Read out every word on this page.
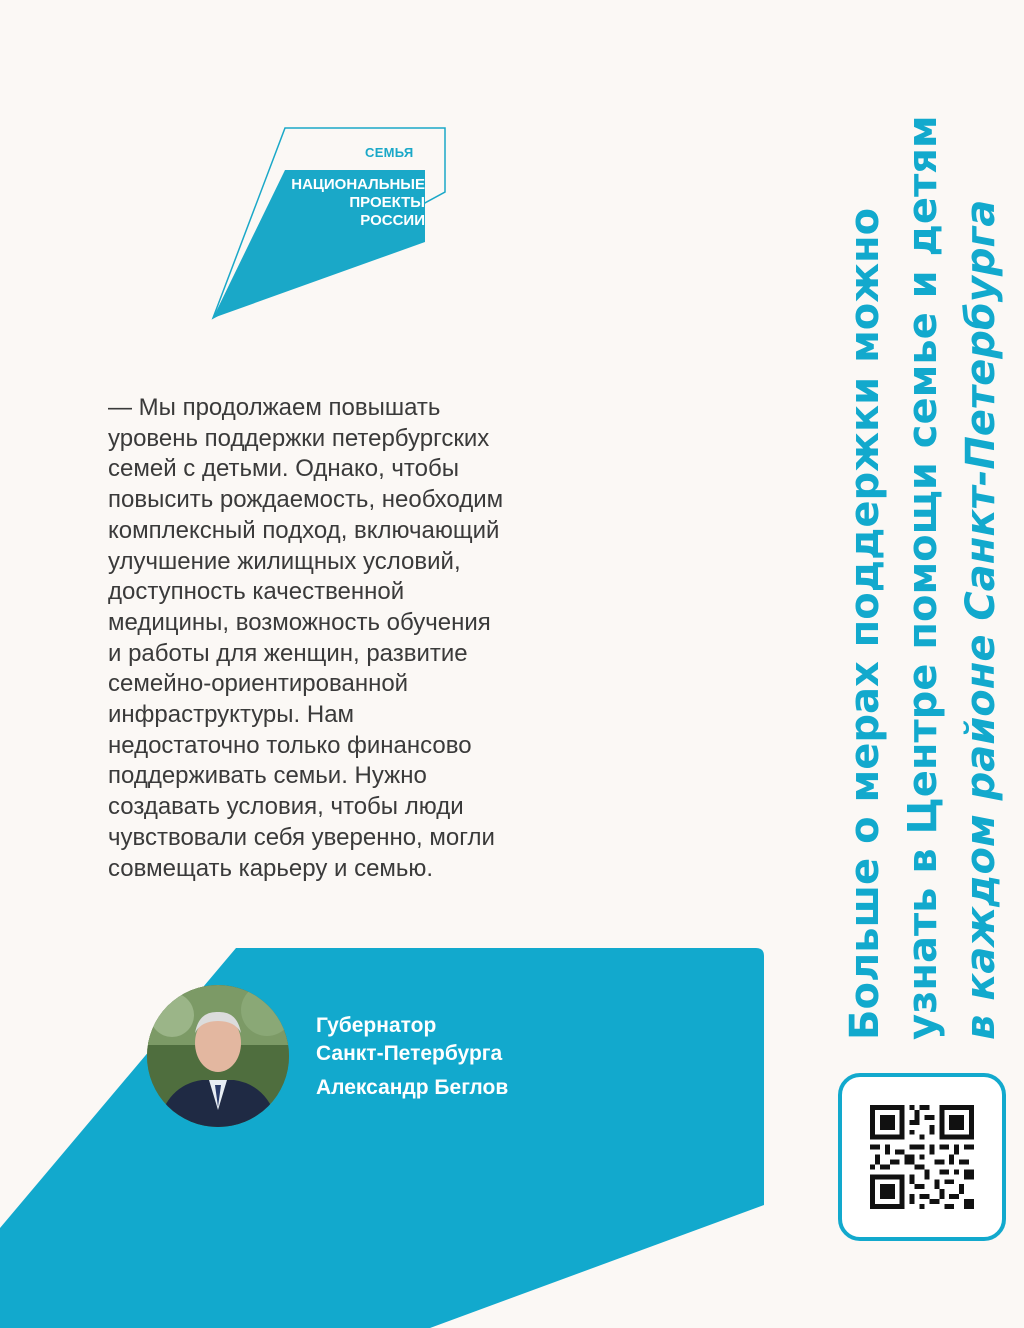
СЕМЬЯ
НАЦИОНАЛЬНЫЕ
ПРОЕКТЫ
РОССИИ
— Мы продолжаем повышать
уровень поддержки петербургских
семей с детьми. Однако, чтобы
повысить рождаемость, необходим
комплексный подход, включающий
улучшение жилищных условий,
доступность качественной
медицины, возможность обучения
и работы для женщин, развитие
семейно-ориентированной
инфраструктуры. Нам
недостаточно только финансово
поддерживать семьи. Нужно
создавать условия, чтобы люди
чувствовали себя уверенно, могли
совмещать карьеру и семью.
Губернатор
Санкт-Петербурга
Александр Беглов
Больше о мерах поддержки можно узнать в Центре помощи семье и детям в каждом районе Санкт-Петербурга
